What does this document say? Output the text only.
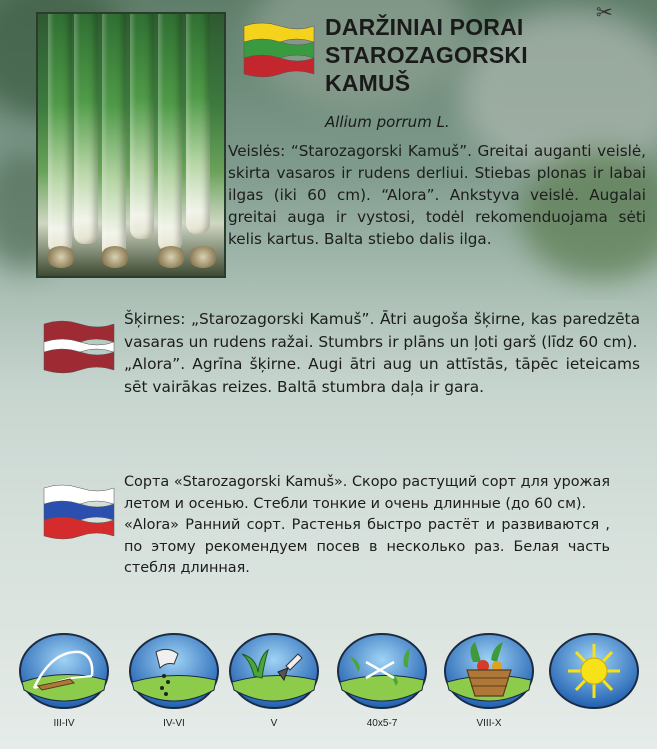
DARŽINIAI PORAI
STAROZAGORSKI
KAMUŠ
Allium porrum L.
✂

Veislės: “Starozagorski Kamuš”. Greitai auganti veislė, skirta vasaros ir rudens derliui. Stiebas plonas ir labai ilgas (iki 60 cm). “Alora”. Ankstyva veislė. Augalai greitai auga ir vystosi, todėl rekomenduojama sėti kelis kartus. Balta stiebo dalis ilga.

Šķirnes: „Starozagorski Kamuš”. Ātri augoša šķirne, kas paredzēta vasaras un rudens ražai. Stumbrs ir plāns un ļoti garš (līdz 60 cm).

„Alora”. Agrīna šķirne. Augi ātri aug un attīstās, tāpēc ieteicams sēt vairākas reizes. Baltā stumbra daļa ir gara.

Сорта «Starozagorski Kamuš». Скоро растущий сорт для урожая летом и осенью. Стебли тонкие и очень длинные (до 60 см).

«Alora» Ранний сорт. Растенья быстро растёт и развиваются , по этому рекомендуем посев в несколько раз. Белая часть стебля длинная.

III-IV	IV-VI	V	40x5-7	VIII-X
